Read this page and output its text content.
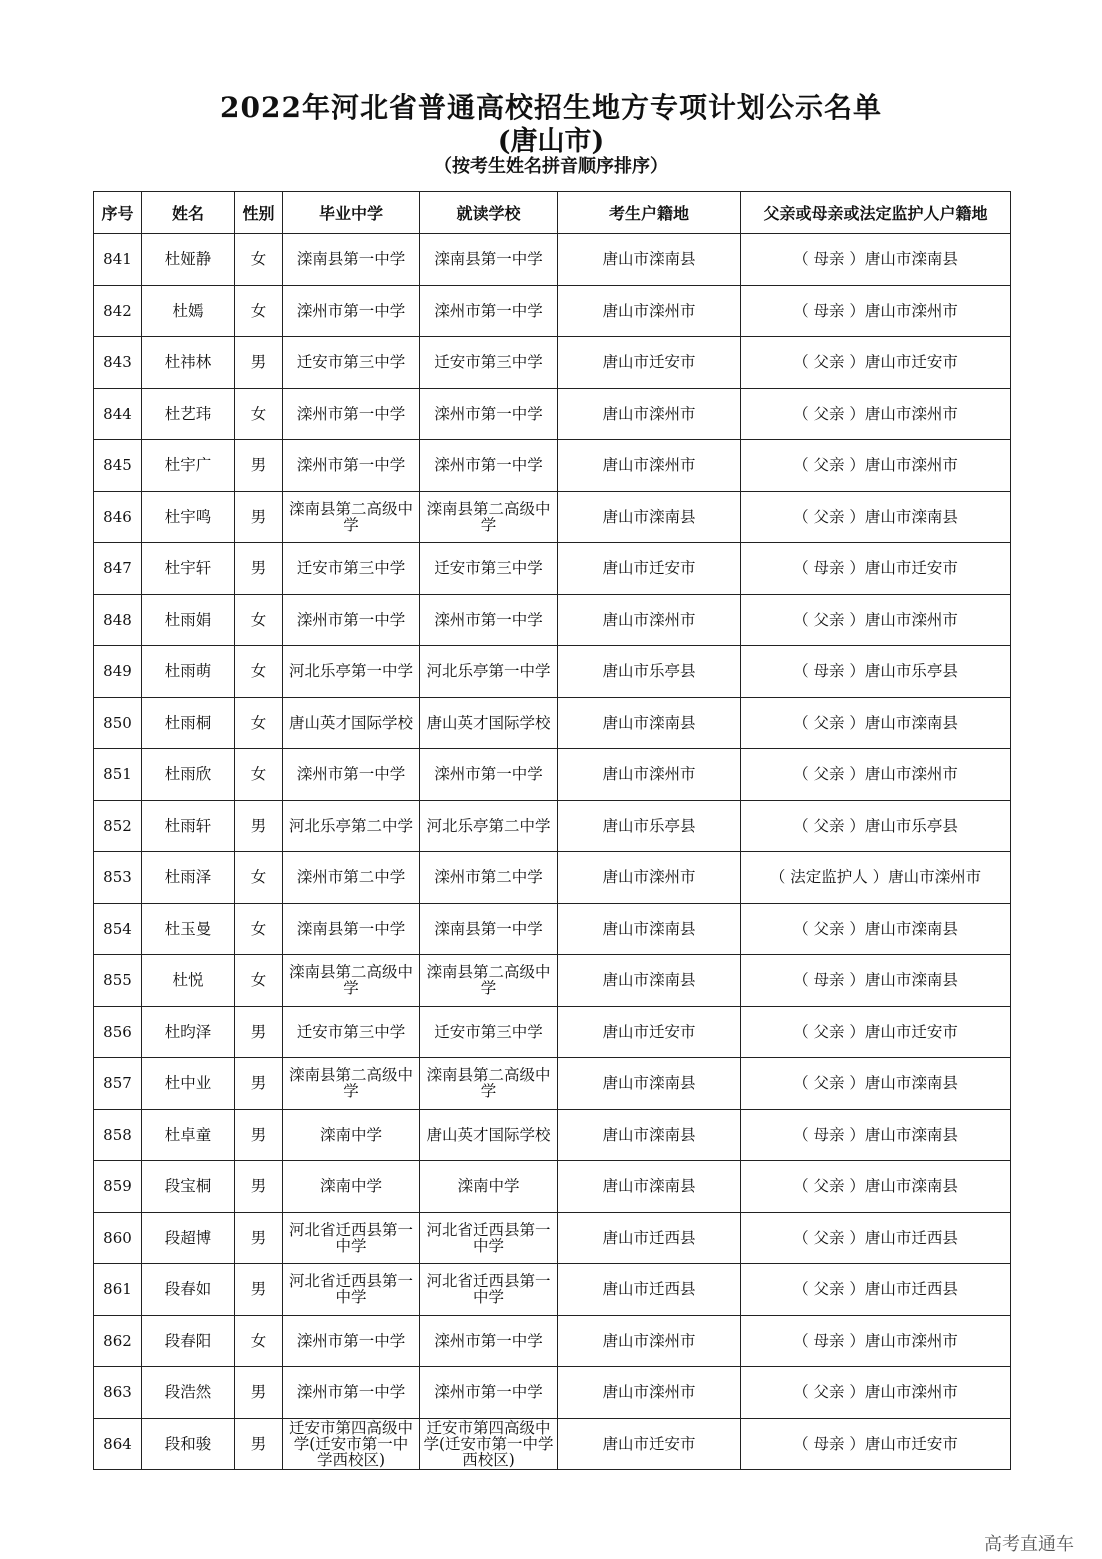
2022年河北省普通高校招生地方专项计划公示名单
(唐山市)
（按考生姓名拼音顺序排序）
序号	姓名	性别	毕业中学	就读学校	考生户籍地	父亲或母亲或法定监护人户籍地
841	杜娅静	女	滦南县第一中学	滦南县第一中学	唐山市滦南县	（ 母亲 ）唐山市滦南县
842	杜嫣	女	滦州市第一中学	滦州市第一中学	唐山市滦州市	（ 母亲 ）唐山市滦州市
843	杜祎林	男	迁安市第三中学	迁安市第三中学	唐山市迁安市	（ 父亲 ）唐山市迁安市
844	杜艺玮	女	滦州市第一中学	滦州市第一中学	唐山市滦州市	（ 父亲 ）唐山市滦州市
845	杜宇广	男	滦州市第一中学	滦州市第一中学	唐山市滦州市	（ 父亲 ）唐山市滦州市
846	杜宇鸣	男	滦南县第二高级中学	滦南县第二高级中学	唐山市滦南县	（ 父亲 ）唐山市滦南县
847	杜宇轩	男	迁安市第三中学	迁安市第三中学	唐山市迁安市	（ 母亲 ）唐山市迁安市
848	杜雨娟	女	滦州市第一中学	滦州市第一中学	唐山市滦州市	（ 父亲 ）唐山市滦州市
849	杜雨萌	女	河北乐亭第一中学	河北乐亭第一中学	唐山市乐亭县	（ 母亲 ）唐山市乐亭县
850	杜雨桐	女	唐山英才国际学校	唐山英才国际学校	唐山市滦南县	（ 父亲 ）唐山市滦南县
851	杜雨欣	女	滦州市第一中学	滦州市第一中学	唐山市滦州市	（ 父亲 ）唐山市滦州市
852	杜雨轩	男	河北乐亭第二中学	河北乐亭第二中学	唐山市乐亭县	（ 父亲 ）唐山市乐亭县
853	杜雨泽	女	滦州市第二中学	滦州市第二中学	唐山市滦州市	（ 法定监护人 ）唐山市滦州市
854	杜玉曼	女	滦南县第一中学	滦南县第一中学	唐山市滦南县	（ 父亲 ）唐山市滦南县
855	杜悦	女	滦南县第二高级中学	滦南县第二高级中学	唐山市滦南县	（ 母亲 ）唐山市滦南县
856	杜昀泽	男	迁安市第三中学	迁安市第三中学	唐山市迁安市	（ 父亲 ）唐山市迁安市
857	杜中业	男	滦南县第二高级中学	滦南县第二高级中学	唐山市滦南县	（ 父亲 ）唐山市滦南县
858	杜卓童	男	滦南中学	唐山英才国际学校	唐山市滦南县	（ 母亲 ）唐山市滦南县
859	段宝桐	男	滦南中学	滦南中学	唐山市滦南县	（ 父亲 ）唐山市滦南县
860	段超博	男	河北省迁西县第一中学	河北省迁西县第一中学	唐山市迁西县	（ 父亲 ）唐山市迁西县
861	段春如	男	河北省迁西县第一中学	河北省迁西县第一中学	唐山市迁西县	（ 父亲 ）唐山市迁西县
862	段春阳	女	滦州市第一中学	滦州市第一中学	唐山市滦州市	（ 母亲 ）唐山市滦州市
863	段浩然	男	滦州市第一中学	滦州市第一中学	唐山市滦州市	（ 父亲 ）唐山市滦州市
864	段和骏	男	迁安市第四高级中学(迁安市第一中学西校区)	迁安市第四高级中学(迁安市第一中学西校区)	唐山市迁安市	（ 母亲 ）唐山市迁安市
高考直通车
